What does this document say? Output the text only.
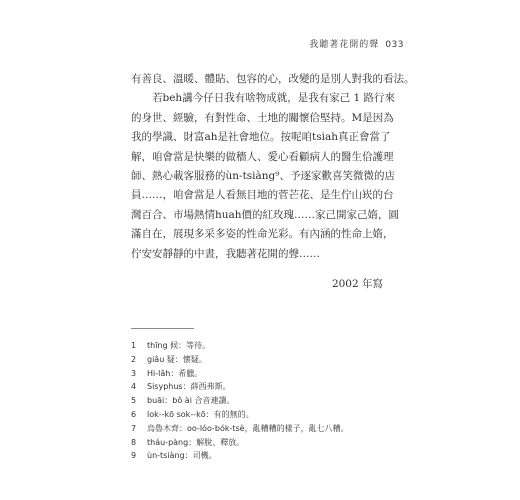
我聽著花開的聲 033

有善良、溫暖、體貼、包容的心，改變的是別人對我的看法。

若beh講今仔日我有啥物成就，是我有家己 1 路行來
的身世、經驗，有對性命、土地的關懷佮堅持。M是因為
我的學識、財富ah是社會地位。按呢咱tsiah真正會當了
解，咱會當是快樂的做穡人、愛心看顧病人的醫生佮護理
師、熱心載客服務的ùn-tsiàng⁹、予逐家歡喜笑微微的店
員……，咱會當是人看無目地的菅芒花、是生佇山崁的台
灣百合、市場熱情huah價的紅玫瑰……家己開家己媠，圓
滿自在，展現多采多姿的性命光彩。有內涵的性命上媠，
佇安安靜靜的中晝，我聽著花開的聲……

2002 年寫
1 thīng 候：等待。
2 giâu 疑：懷疑。
3 Hi-lâh：希臘。
4 Sisyphus：薛西弗斯。
5 buāi：bô ài 合音連讀。
6 lok--kō sok--kō：有的無的。
7 烏魯木齊：oo-lóo-bók-tsè，亂糟糟的樣子，亂七八糟。
8 tháu-pàng：解脫、釋放。
9 ùn-tsiàng：司機。
